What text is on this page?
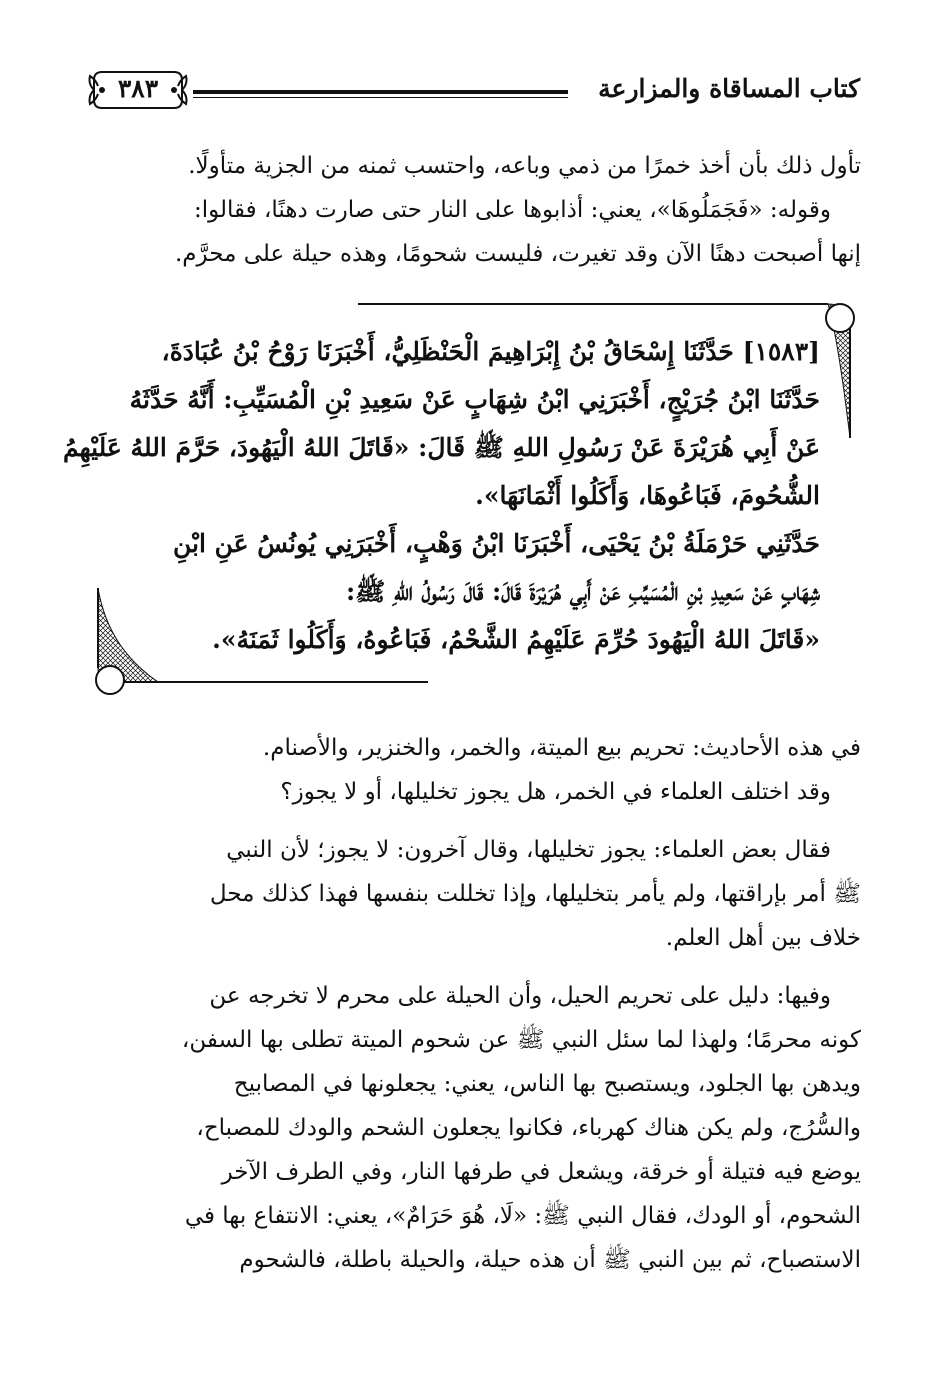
كتاب المساقاة والمزارعة
٣٨٣
تأول ذلك بأن أخذ خمرًا من ذمي وباعه، واحتسب ثمنه من الجزية متأولًا.
وقوله: «فَجَمَلُوهَا»، يعني: أذابوها على النار حتى صارت دهنًا، فقالوا:
إنها أصبحت دهنًا الآن وقد تغيرت، فليست شحومًا، وهذه حيلة على محرَّم.
[١٥٨٣] حَدَّثَنَا إِسْحَاقُ بْنُ إِبْرَاهِيمَ الْحَنْظَلِيُّ، أَخْبَرَنَا رَوْحُ بْنُ عُبَادَةَ،
حَدَّثَنَا ابْنُ جُرَيْجٍ، أَخْبَرَنِي ابْنُ شِهَابٍ عَنْ سَعِيدِ بْنِ الْمُسَيِّبِ: أَنَّهُ حَدَّثَهُ
عَنْ أَبِي هُرَيْرَةَ عَنْ رَسُولِ اللهِ ﷺ قَالَ: «قَاتَلَ اللهُ الْيَهُودَ، حَرَّمَ اللهُ عَلَيْهِمُ
الشُّحُومَ، فَبَاعُوهَا، وَأَكَلُوا أَثْمَانَهَا».
حَدَّثَنِي حَرْمَلَةُ بْنُ يَحْيَى، أَخْبَرَنَا ابْنُ وَهْبٍ، أَخْبَرَنِي يُونُسُ عَنِ ابْنِ
شِهَابٍ عَنْ سَعِيدِ بْنِ الْمُسَيِّبِ عَنْ أَبِي هُرَيْرَةَ قَالَ: قَالَ رَسُولُ اللهِ ﷺ:
«قَاتَلَ اللهُ الْيَهُودَ حُرِّمَ عَلَيْهِمُ الشَّحْمُ، فَبَاعُوهُ، وَأَكَلُوا ثَمَنَهُ».
في هذه الأحاديث: تحريم بيع الميتة، والخمر، والخنزير، والأصنام.
وقد اختلف العلماء في الخمر، هل يجوز تخليلها، أو لا يجوز؟
فقال بعض العلماء: يجوز تخليلها، وقال آخرون: لا يجوز؛ لأن النبي
ﷺ أمر بإراقتها، ولم يأمر بتخليلها، وإذا تخللت بنفسها فهذا كذلك محل
خلاف بين أهل العلم.
وفيها: دليل على تحريم الحيل، وأن الحيلة على محرم لا تخرجه عن
كونه محرمًا؛ ولهذا لما سئل النبي ﷺ عن شحوم الميتة تطلى بها السفن،
ويدهن بها الجلود، ويستصبح بها الناس، يعني: يجعلونها في المصابيح
والسُّرُج، ولم يكن هناك كهرباء، فكانوا يجعلون الشحم والودك للمصباح،
يوضع فيه فتيلة أو خرقة، ويشعل في طرفها النار، وفي الطرف الآخر
الشحوم، أو الودك، فقال النبي ﷺ: «لَا، هُوَ حَرَامٌ»، يعني: الانتفاع بها في
الاستصباح، ثم بين النبي ﷺ أن هذه حيلة، والحيلة باطلة، فالشحوم
